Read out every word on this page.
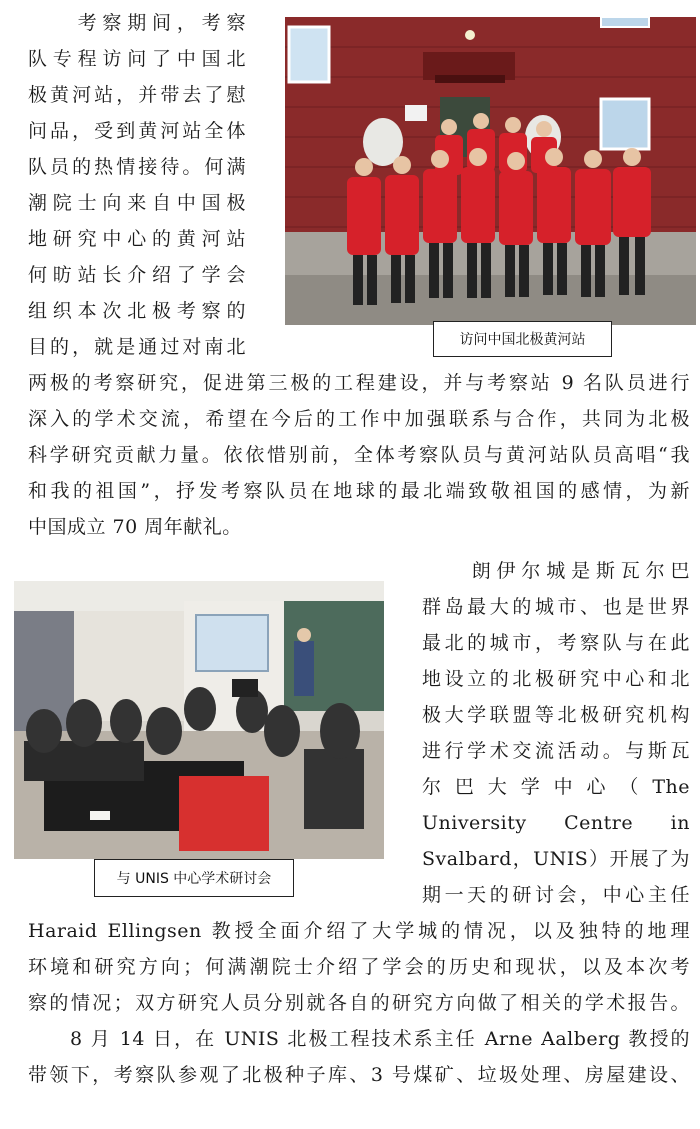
访问中国北极黄河站
　　考察期间，考察
队专程访问了中国北
极黄河站，并带去了慰
问品，受到黄河站全体
队员的热情接待。何满
潮院士向来自中国极
地研究中心的黄河站
何昉站长介绍了学会
组织本次北极考察的
目的，就是通过对南北
两极的考察研究，促进第三极的工程建设，并与考察站 9 名队员进行
深入的学术交流，希望在今后的工作中加强联系与合作，共同为北极
科学研究贡献力量。依依惜别前，全体考察队员与黄河站队员高唱“我
和我的祖国”，抒发考察队员在地球的最北端致敬祖国的感情，为新
中国成立 70 周年献礼。
与 UNIS 中心学术研讨会
　　朗伊尔城是斯瓦尔巴
群岛最大的城市、也是世界
最北的城市，考察队与在此
地设立的北极研究中心和北
极大学联盟等北极研究机构
进行学术交流活动。与斯瓦
尔 巴 大 学 中 心 （ The
University Centre in
Svalbard，UNIS）开展了为
期一天的研讨会，中心主任
Haraid Ellingsen 教授全面介绍了大学城的情况，以及独特的地理
环境和研究方向；何满潮院士介绍了学会的历史和现状，以及本次考
察的情况；双方研究人员分别就各自的研究方向做了相关的学术报告。
　　8 月 14 日，在 UNIS 北极工程技术系主任 Arne Aalberg 教授的
带领下，考察队参观了北极种子库、3 号煤矿、垃圾处理、房屋建设、
